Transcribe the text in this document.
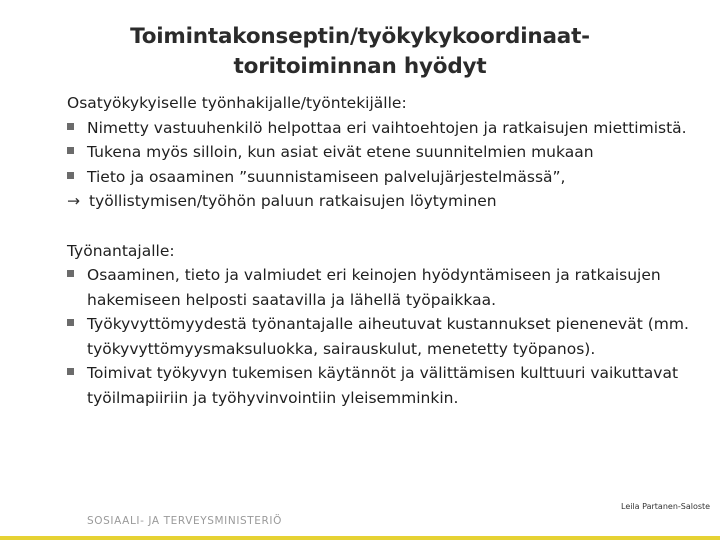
Toimintakonseptin/työkykykoordinaat-
toritoiminnan hyödyt

Osatyökykyiselle työnhakijalle/työntekijälle:

Nimetty vastuuhenkilö helpottaa eri vaihtoehtojen ja ratkaisujen miettimistä.
Tukena myös silloin, kun asiat eivät etene suunnitelmien mukaan
Tieto ja osaaminen ”suunnistamiseen palvelujärjestelmässä”,
→ työllistymisen/työhön paluun ratkaisujen löytyminen

Työnantajalle:

Osaaminen, tieto ja valmiudet eri keinojen hyödyntämiseen ja ratkaisujen hakemiseen helposti saatavilla ja lähellä työpaikkaa.
Työkyvyttömyydestä työnantajalle aiheutuvat kustannukset pienenevät (mm. työkyvyttömyysmaksuluokka, sairauskulut, menetetty työpanos).
Toimivat työkyvyn tukemisen käytännöt ja välittämisen kulttuuri vaikuttavat työilmapiiriin ja työhyvinvointiin yleisemminkin.
SOSIAALI- JA TERVEYSMINISTERIÖ
Leila Partanen-Saloste
